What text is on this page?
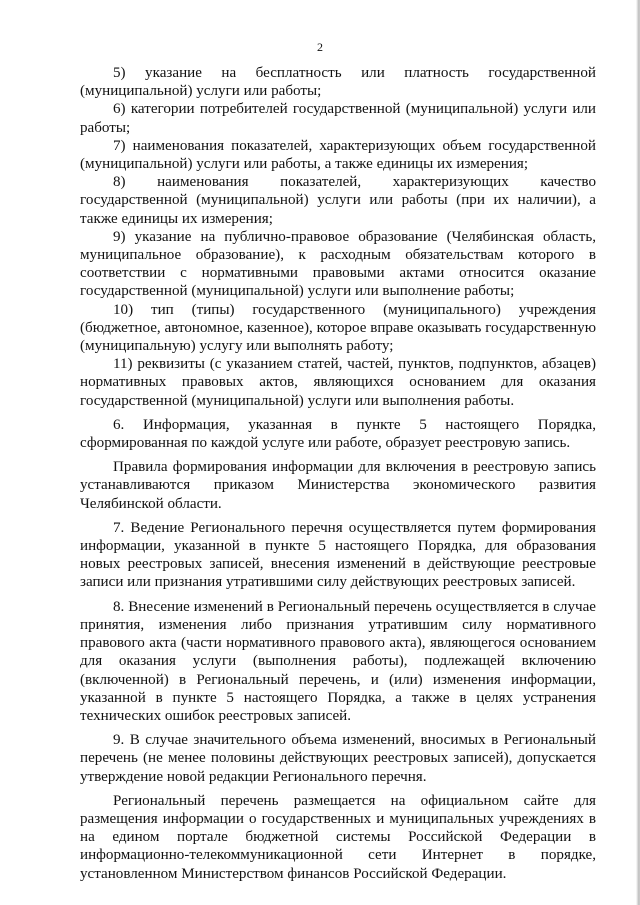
2

5) указание на бесплатность или платность государственной (муниципальной) услуги или работы;

6) категории потребителей государственной (муниципальной) услуги или работы;

7) наименования показателей, характеризующих объем государственной (муниципальной) услуги или работы, а также единицы их измерения;

8) наименования показателей, характеризующих качество государственной (муниципальной) услуги или работы (при их наличии), а также единицы их измерения;

9) указание на публично-правовое образование (Челябинская область, муниципальное образование), к расходным обязательствам которого в соответствии с нормативными правовыми актами относится оказание государственной (муниципальной) услуги или выполнение работы;

10) тип (типы) государственного (муниципального) учреждения (бюджетное, автономное, казенное), которое вправе оказывать государственную (муниципальную) услугу или выполнять работу;

11) реквизиты (с указанием статей, частей, пунктов, подпунктов, абзацев) нормативных правовых актов, являющихся основанием для оказания государственной (муниципальной) услуги или выполнения работы.

6. Информация, указанная в пункте 5 настоящего Порядка, сформированная по каждой услуге или работе, образует реестровую запись.

Правила формирования информации для включения в реестровую запись устанавливаются приказом Министерства экономического развития Челябинской области.

7. Ведение Регионального перечня осуществляется путем формирования информации, указанной в пункте 5 настоящего Порядка, для образования новых реестровых записей, внесения изменений в действующие реестровые записи или признания утратившими силу действующих реестровых записей.

8. Внесение изменений в Региональный перечень осуществляется в случае принятия, изменения либо признания утратившим силу нормативного правового акта (части нормативного правового акта), являющегося основанием для оказания услуги (выполнения работы), подлежащей включению (включенной) в Региональный перечень, и (или) изменения информации, указанной в пункте 5 настоящего Порядка, а также в целях устранения технических ошибок реестровых записей.

9. В случае значительного объема изменений, вносимых в Региональный перечень (не менее половины действующих реестровых записей), допускается утверждение новой редакции Регионального перечня.

Региональный перечень размещается на официальном сайте для размещения информации о государственных и муниципальных учреждениях в на едином портале бюджетной системы Российской Федерации в информационно-телекоммуникационной сети Интернет в порядке, установленном Министерством финансов Российской Федерации.
